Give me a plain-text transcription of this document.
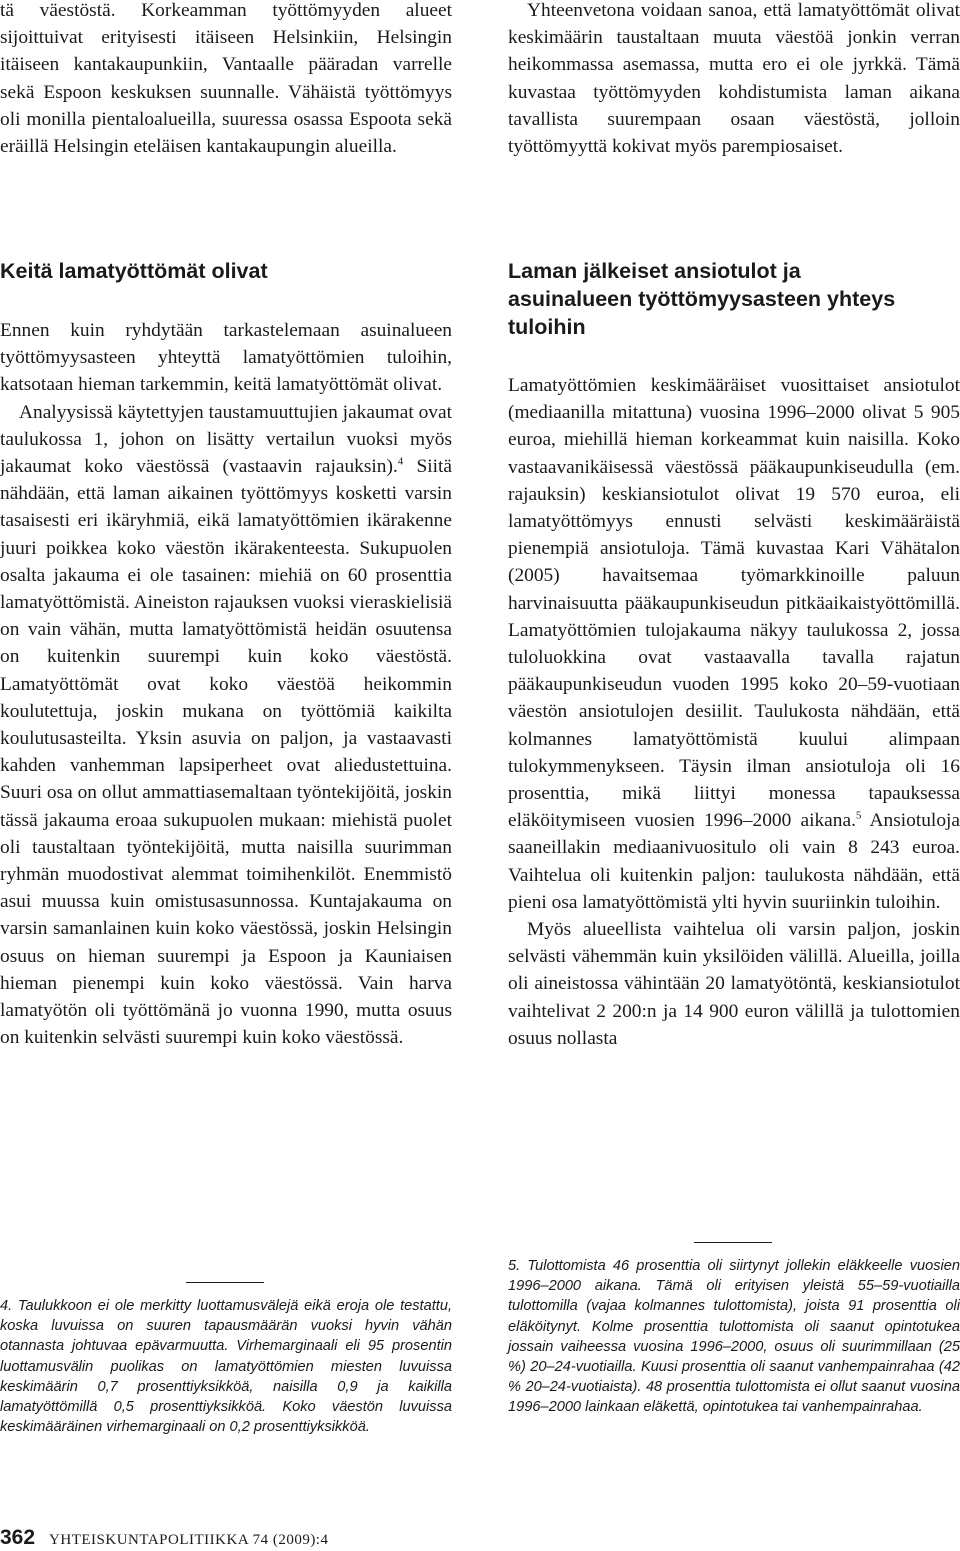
tä väestöstä. Korkeamman työttömyyden alueet sijoittuivat erityisesti itäiseen Helsinkiin, Helsingin itäiseen kantakaupunkiin, Vantaalle pääradan varrelle sekä Espoon keskuksen suunnalle. Vähäistä työttömyys oli monilla pientaloalueilla, suuressa osassa Espoota sekä eräillä Helsingin eteläisen kantakaupungin alueilla.

Keitä lamatyöttömät olivat

Ennen kuin ryhdytään tarkastelemaan asuinalueen työttömyysasteen yhteyttä lamatyöttömien tuloihin, katsotaan hieman tarkemmin, keitä lamatyöttömät olivat.

Analyysissä käytettyjen taustamuuttujien jakaumat ovat taulukossa 1, johon on lisätty vertailun vuoksi myös jakaumat koko väestössä (vastaavin rajauksin).$^4$ Siitä nähdään, että laman aikainen työttömyys kosketti varsin tasaisesti eri ikäryhmiä, eikä lamatyöttömien ikärakenne juuri poikkea koko väestön ikärakenteesta. Sukupuolen osalta jakauma ei ole tasainen: miehiä on 60 prosenttia lamatyöttömistä. Aineiston rajauksen vuoksi vieraskielisiä on vain vähän, mutta lamatyöttömistä heidän osuutensa on kuitenkin suurempi kuin koko väestöstä. Lamatyöttömät ovat koko väestöä heikommin koulutettuja, joskin mukana on työttömiä kaikilta koulutusasteilta. Yksin asuvia on paljon, ja vastaavasti kahden vanhemman lapsiperheet ovat aliedustettuina. Suuri osa on ollut ammattiasemaltaan työntekijöitä, joskin tässä jakauma eroaa sukupuolen mukaan: miehistä puolet oli taustaltaan työntekijöitä, mutta naisilla suurimman ryhmän muodostivat alemmat toimihenkilöt. Enemmistö asui muussa kuin omistusasunnossa. Kuntajakauma on varsin samanlainen kuin koko väestössä, joskin Helsingin osuus on hieman suurempi ja Espoon ja Kauniaisen hieman pienempi kuin koko väestössä. Vain harva lamatyötön oli työttömänä jo vuonna 1990, mutta osuus on kuitenkin selvästi suurempi kuin koko väestössä.

4. Taulukkoon ei ole merkitty luottamusvälejä eikä eroja ole testattu, koska luvuissa on suuren tapausmäärän vuoksi hyvin vähän otannasta johtuvaa epävarmuutta. Virhemarginaali eli 95 prosentin luottamusvälin puolikas on lamatyöttömien miesten luvuissa keskimäärin 0,7 prosenttiyksikköä, naisilla 0,9 ja kaikilla lamatyöttömillä 0,5 prosenttiyksikköä. Koko väestön luvuissa keskimääräinen virhemarginaali on 0,2 prosenttiyksikköä.

Yhteenvetona voidaan sanoa, että lamatyöttömät olivat keskimäärin taustaltaan muuta väestöä jonkin verran heikommassa asemassa, mutta ero ei ole jyrkkä. Tämä kuvastaa työttömyyden kohdistumista laman aikana tavallista suurempaan osaan väestöstä, jolloin työttömyyttä kokivat myös parempiosaiset.

Laman jälkeiset ansiotulot ja asuinalueen työttömyysasteen yhteys tuloihin

Lamatyöttömien keskimääräiset vuosittaiset ansiotulot (mediaanilla mitattuna) vuosina 1996–2000 olivat 5 905 euroa, miehillä hieman korkeammat kuin naisilla. Koko vastaavanikäisessä väestössä pääkaupunkiseudulla (em. rajauksin) keskiansiotulot olivat 19 570 euroa, eli lamatyöttömyys ennusti selvästi keskimääräistä pienempiä ansiotuloja. Tämä kuvastaa Kari Vähätalon (2005) havaitsemaa työmarkkinoille paluun harvinaisuutta pääkaupunkiseudun pitkäaikaistyöttömillä. Lamatyöttömien tulojakauma näkyy taulukossa 2, jossa tuloluokkina ovat vastaavalla tavalla rajatun pääkaupunkiseudun vuoden 1995 koko 20–59-vuotiaan väestön ansiotulojen desiilit. Taulukosta nähdään, että kolmannes lamatyöttömistä kuului alimpaan tulokymmenykseen. Täysin ilman ansiotuloja oli 16 prosenttia, mikä liittyi monessa tapauksessa eläköitymiseen vuosien 1996–2000 aikana.$^5$ Ansiotuloja saaneillakin mediaanivuositulo oli vain 8 243 euroa. Vaihtelua oli kuitenkin paljon: taulukosta nähdään, että pieni osa lamatyöttömistä ylti hyvin suuriinkin tuloihin.

Myös alueellista vaihtelua oli varsin paljon, joskin selvästi vähemmän kuin yksilöiden välillä. Alueilla, joilla oli aineistossa vähintään 20 lamatyötöntä, keskiansiotulot vaihtelivat 2 200:n ja 14 900 euron välillä ja tulottomien osuus nollasta

5. Tulottomista 46 prosenttia oli siirtynyt jollekin eläkkeelle vuosien 1996–2000 aikana. Tämä oli erityisen yleistä 55–59-vuotiailla tulottomilla (vajaa kolmannes tulottomista), joista 91 prosenttia oli eläköitynyt. Kolme prosenttia tulottomista oli saanut opintotukea jossain vaiheessa vuosina 1996–2000, osuus oli suurimmillaan (25 %) 20–24-vuotiailla. Kuusi prosenttia oli saanut vanhempainrahaa (42 % 20–24-vuotiaista). 48 prosenttia tulottomista ei ollut saanut vuosina 1996–2000 lainkaan eläkettä, opintotukea tai vanhempainrahaa.

362 YHTEISKUNTAPOLITIIKKA 74 (2009):4
